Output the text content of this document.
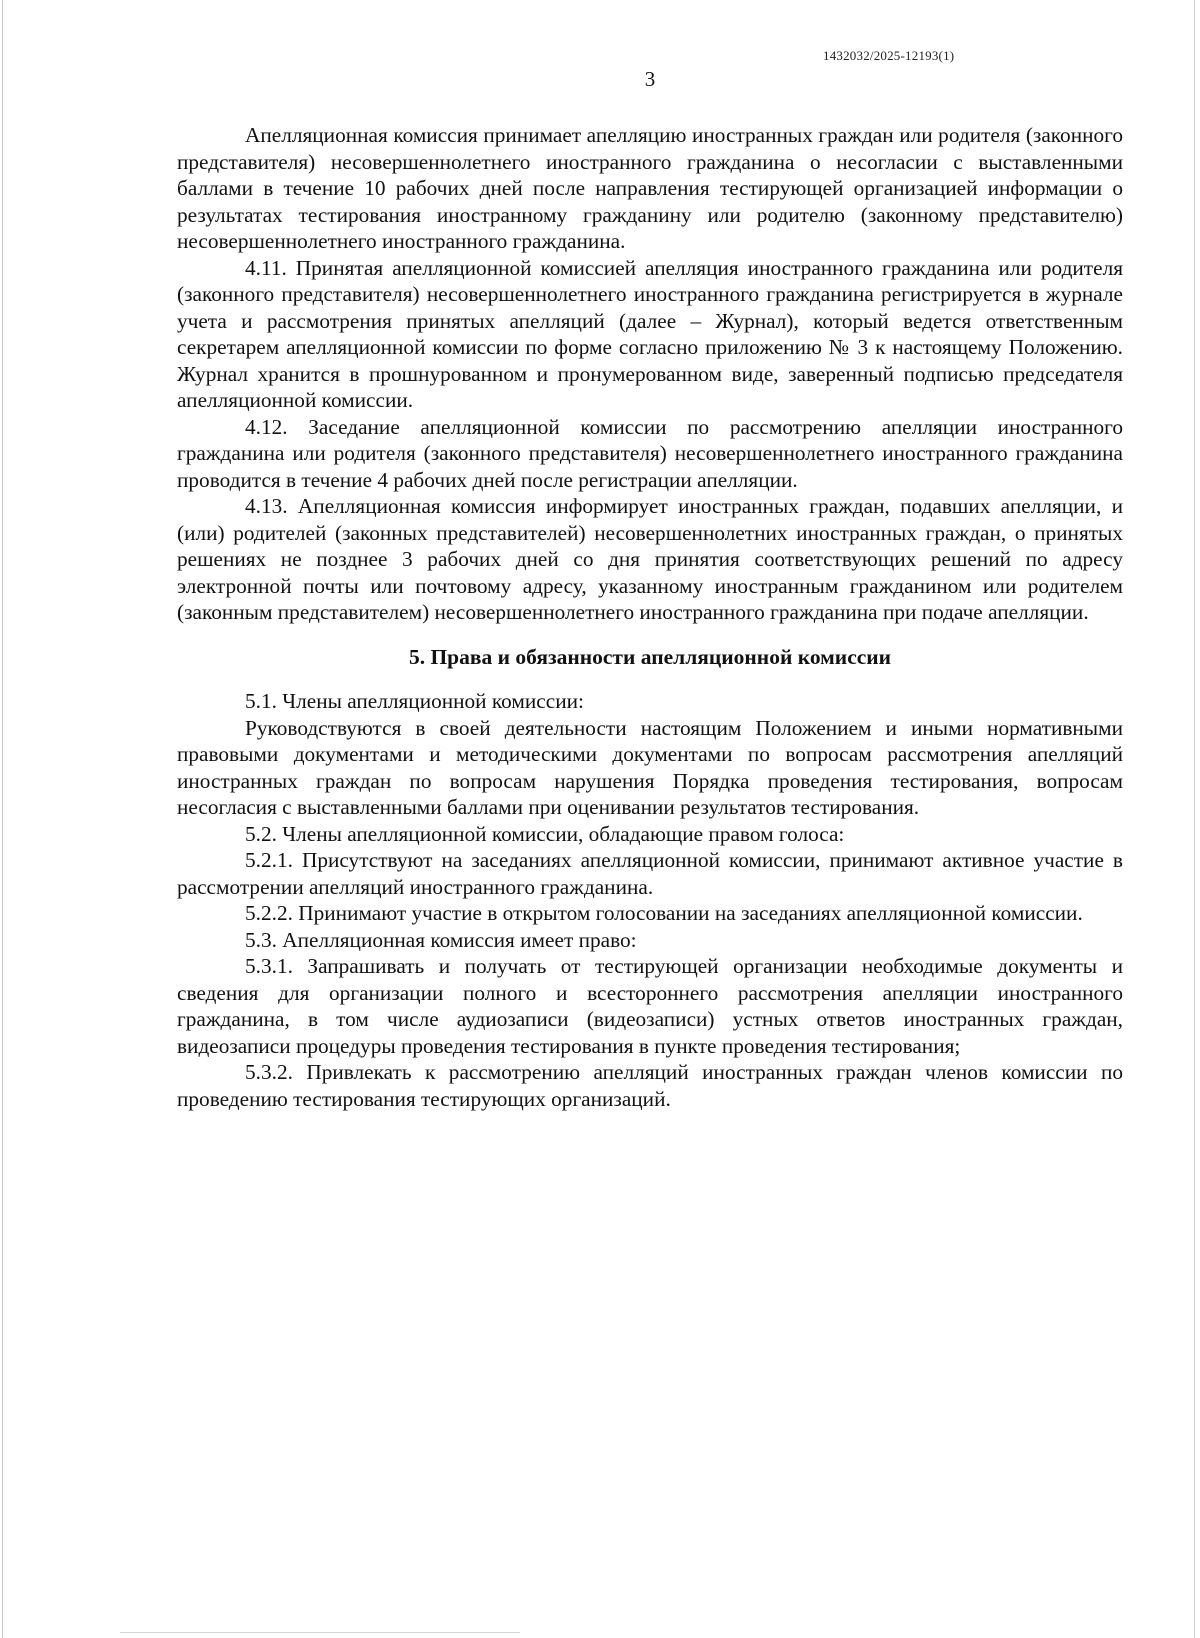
1432032/2025-12193(1)
3

Апелляционная комиссия принимает апелляцию иностранных граждан или родителя (законного представителя) несовершеннолетнего иностранного гражданина о несогласии с выставленными баллами в течение 10 рабочих дней после направления тестирующей организацией информации о результатах тестирования иностранному гражданину или родителю (законному представителю) несовершеннолетнего иностранного гражданина.

4.11. Принятая апелляционной комиссией апелляция иностранного гражданина или родителя (законного представителя) несовершеннолетнего иностранного гражданина регистрируется в журнале учета и рассмотрения принятых апелляций (далее – Журнал), который ведется ответственным секретарем апелляционной комиссии по форме согласно приложению № 3 к настоящему Положению. Журнал хранится в прошнурованном и пронумерованном виде, заверенный подписью председателя апелляционной комиссии.

4.12. Заседание апелляционной комиссии по рассмотрению апелляции иностранного гражданина или родителя (законного представителя) несовершеннолетнего иностранного гражданина проводится в течение 4 рабочих дней после регистрации апелляции.

4.13. Апелляционная комиссия информирует иностранных граждан, подавших апелляции, и (или) родителей (законных представителей) несовершеннолетних иностранных граждан, о принятых решениях не позднее 3 рабочих дней со дня принятия соответствующих решений по адресу электронной почты или почтовому адресу, указанному иностранным гражданином или родителем (законным представителем) несовершеннолетнего иностранного гражданина при подаче апелляции.

5. Права и обязанности апелляционной комиссии

5.1. Члены апелляционной комиссии:

Руководствуются в своей деятельности настоящим Положением и иными нормативными правовыми документами и методическими документами по вопросам рассмотрения апелляций иностранных граждан по вопросам нарушения Порядка проведения тестирования, вопросам несогласия с выставленными баллами при оценивании результатов тестирования.

5.2. Члены апелляционной комиссии, обладающие правом голоса:

5.2.1. Присутствуют на заседаниях апелляционной комиссии, принимают активное участие в рассмотрении апелляций иностранного гражданина.

5.2.2. Принимают участие в открытом голосовании на заседаниях апелляционной комиссии.

5.3. Апелляционная комиссия имеет право:

5.3.1. Запрашивать и получать от тестирующей организации необходимые документы и сведения для организации полного и всестороннего рассмотрения апелляции иностранного гражданина, в том числе аудиозаписи (видеозаписи) устных ответов иностранных граждан, видеозаписи процедуры проведения тестирования в пункте проведения тестирования;

5.3.2. Привлекать к рассмотрению апелляций иностранных граждан членов комиссии по проведению тестирования тестирующих организаций.
